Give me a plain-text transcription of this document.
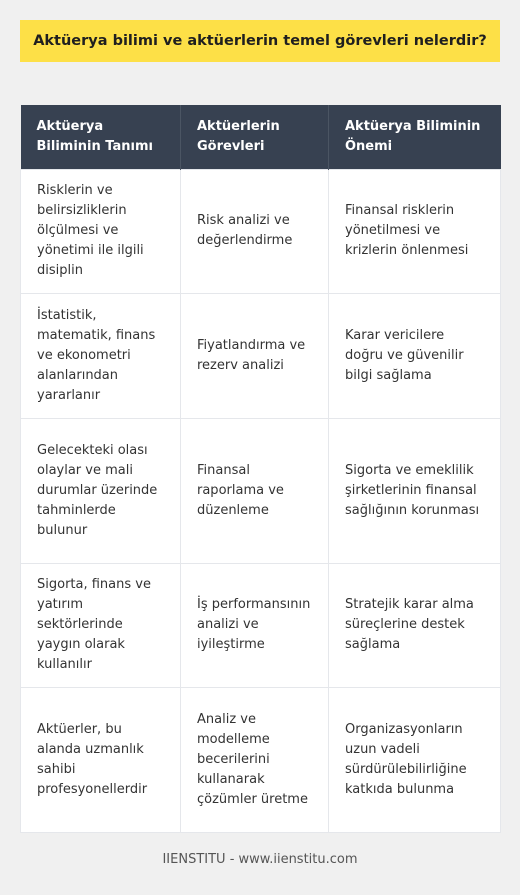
Aktüerya bilimi ve aktüerlerin temel görevleri nelerdir?
Aktüerya Biliminin Tanımı	Aktüerlerin Görevleri	Aktüerya Biliminin Önemi
Risklerin ve belirsizliklerin ölçülmesi ve yönetimi ile ilgili disiplin	Risk analizi ve değerlendirme	Finansal risklerin yönetilmesi ve krizlerin önlenmesi
İstatistik, matematik, finans ve ekonometri alanlarından yararlanır	Fiyatlandırma ve rezerv analizi	Karar vericilere doğru ve güvenilir bilgi sağlama
Gelecekteki olası olaylar ve mali durumlar üzerinde tahminlerde bulunur	Finansal raporlama ve düzenleme	Sigorta ve emeklilik şirketlerinin finansal sağlığının korunması
Sigorta, finans ve yatırım sektörlerinde yaygın olarak kullanılır	İş performansının analizi ve iyileştirme	Stratejik karar alma süreçlerine destek sağlama
Aktüerler, bu alanda uzmanlık sahibi profesyonellerdir	Analiz ve modelleme becerilerini kullanarak çözümler üretme	Organizasyonların uzun vadeli sürdürülebilirliğine katkıda bulunma
IIENSTITU - www.iienstitu.com
